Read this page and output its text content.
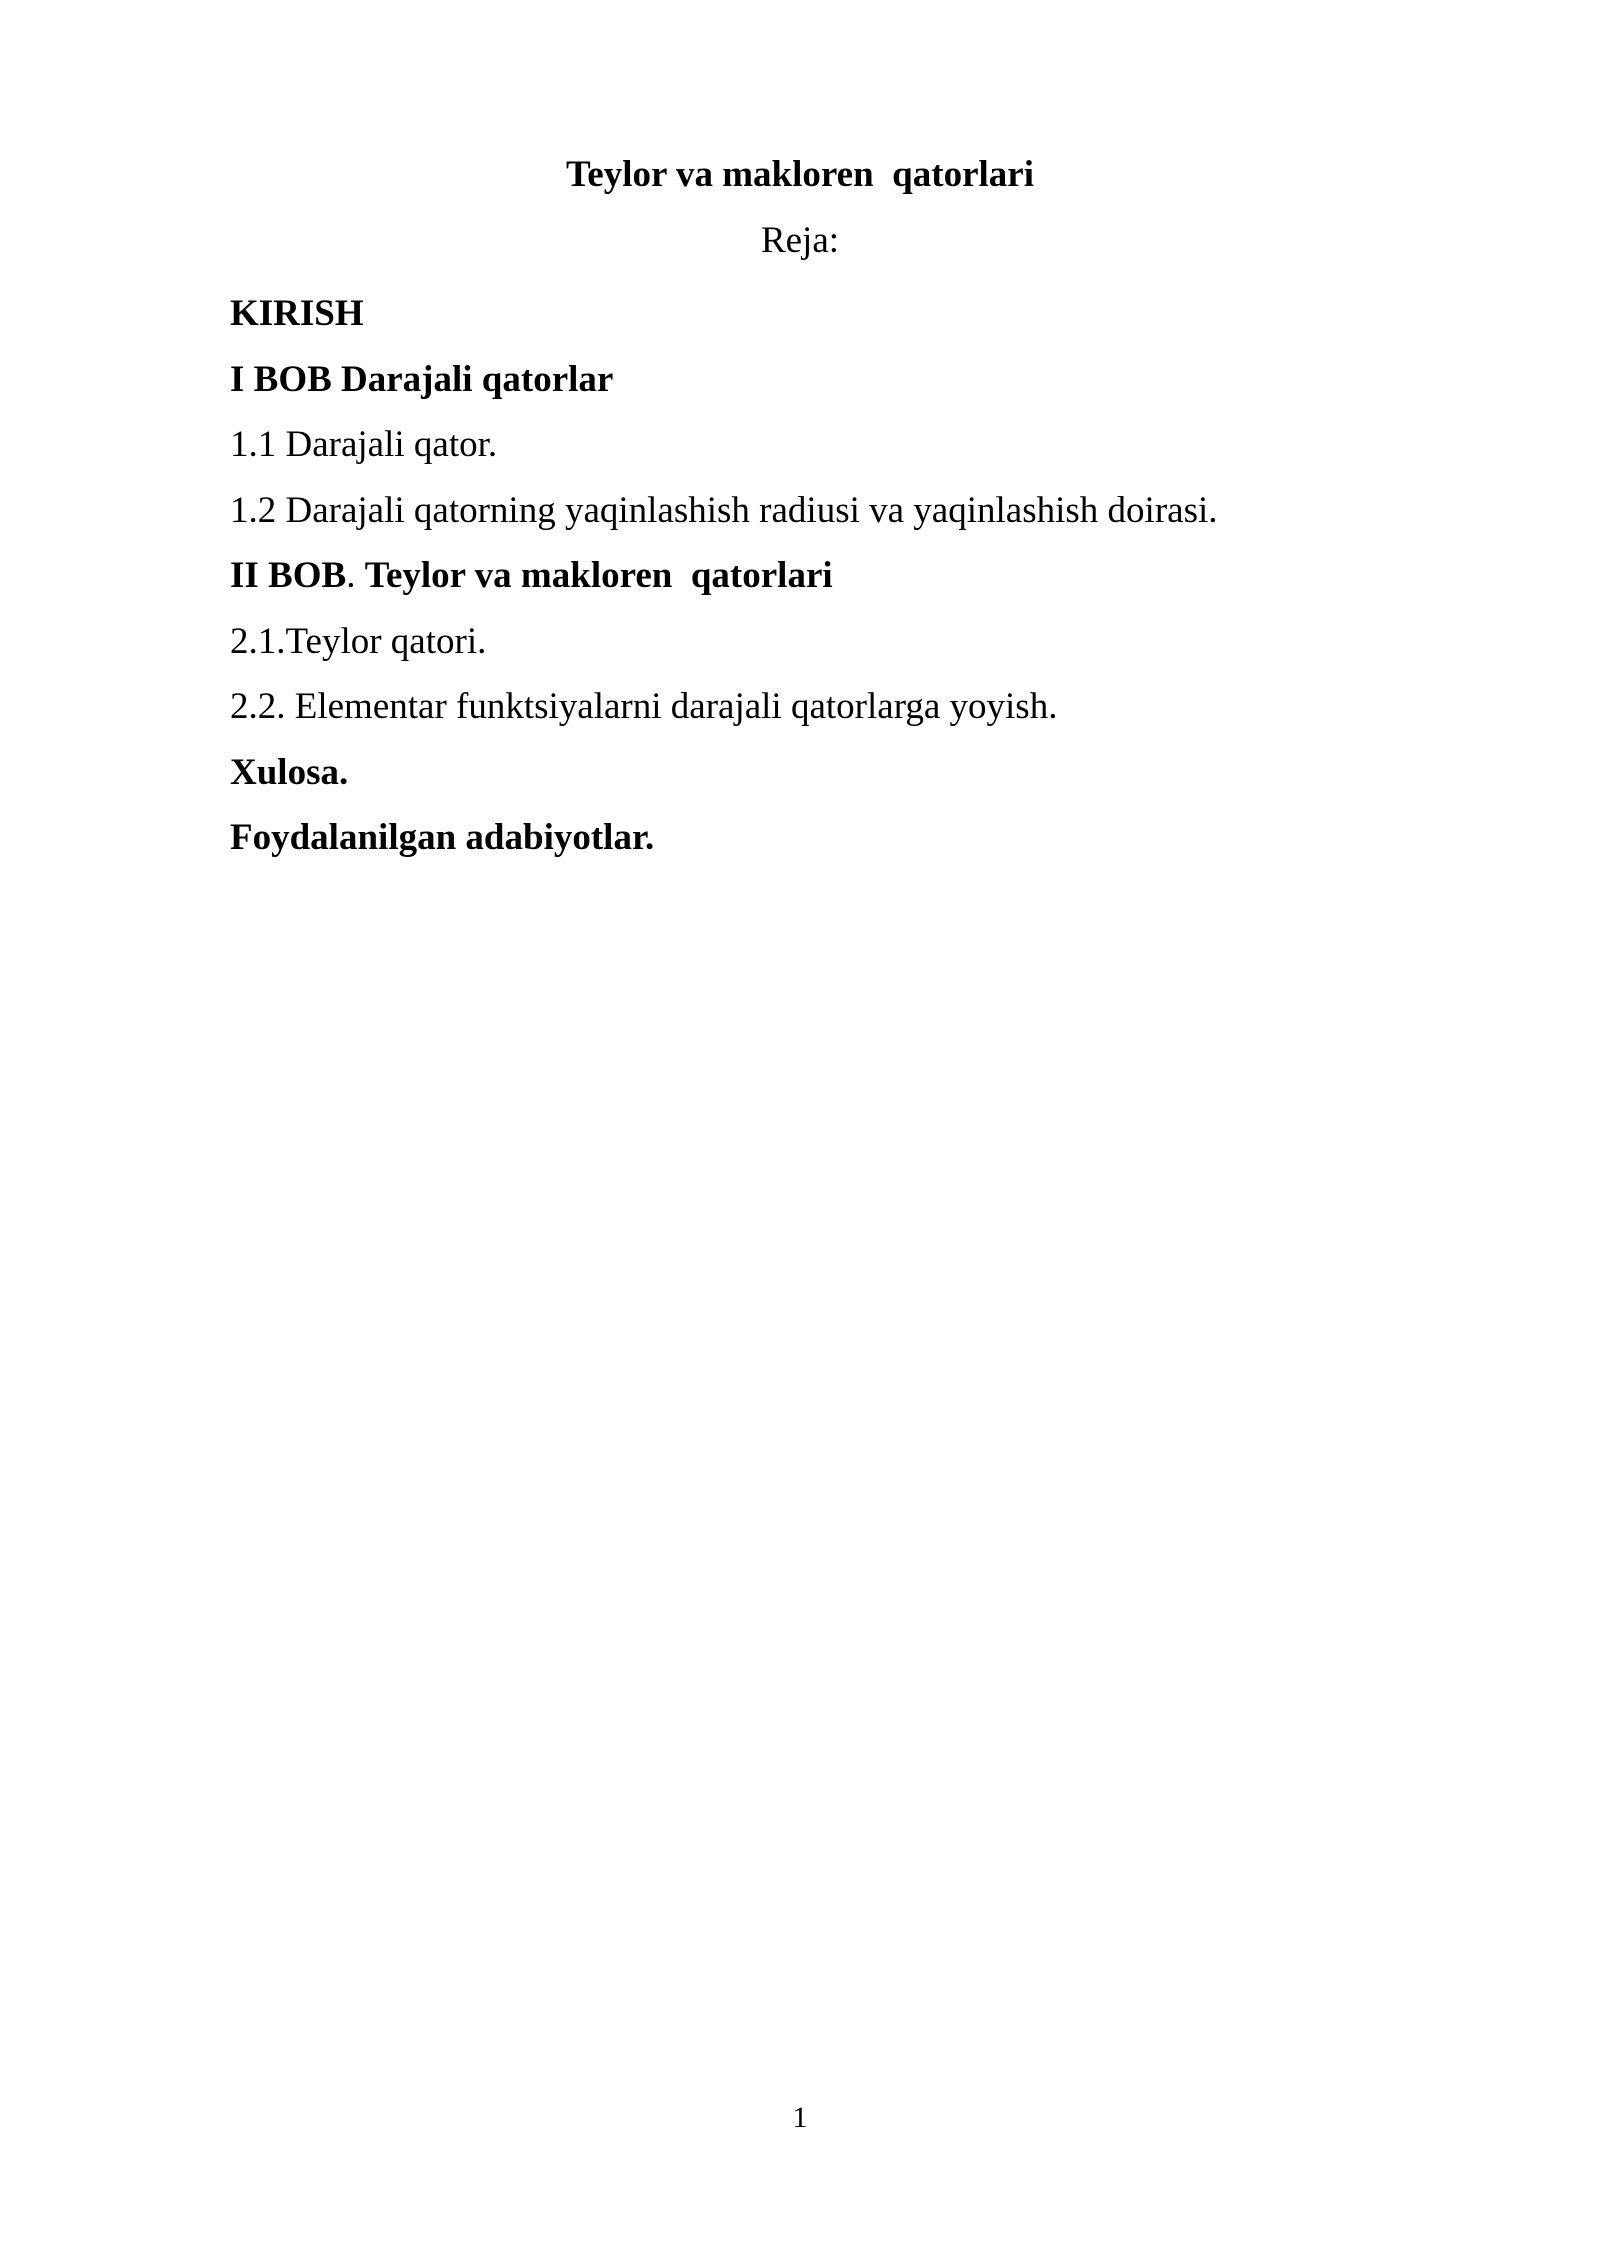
Teylor va makloren  qatorlari
Reja:
KIRISH
I BOB Darajali qatorlar
1.1 Darajali qator.
1.2 Darajali qatorning yaqinlashish radiusi va yaqinlashish doirasi.
II BOB. Teylor va makloren  qatorlari
2.1.Teylor qatori.
2.2. Elementar funktsiyalarni darajali qatorlarga yoyish.
Xulosa.
Foydalanilgan adabiyotlar.
1
